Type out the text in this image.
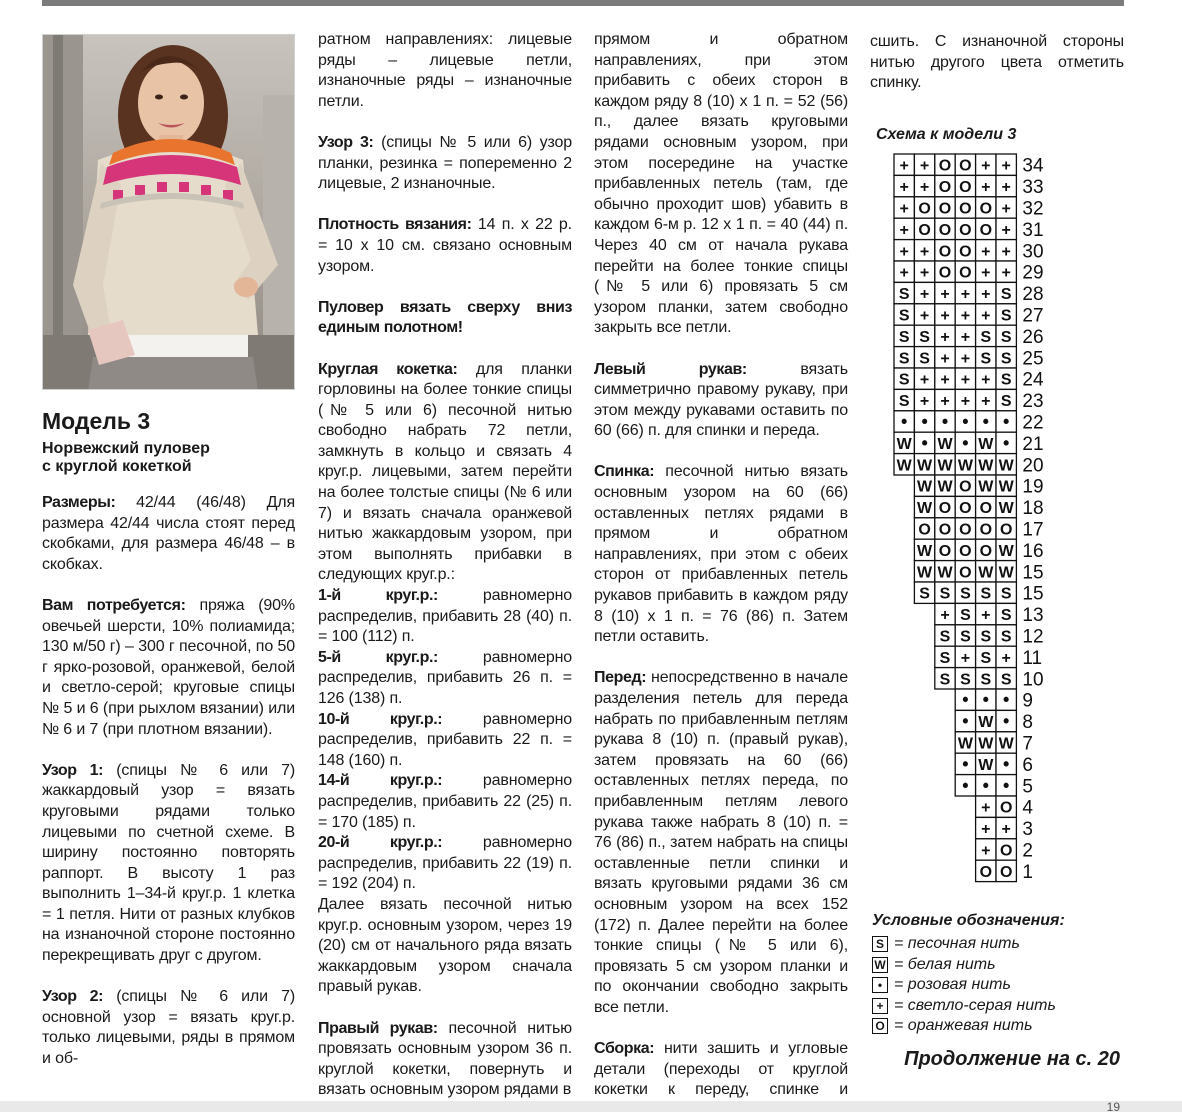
Модель 3
Норвежский пуловер
с круглой кокеткой

Размеры: 42/44 (46/48) Для размера 42/44 числа стоят перед скобками, для размера 46/48 – в скобках.

Вам потребуется: пряжа (90% овечьей шерсти, 10% полиамида; 130 м/50 г) – 300 г песочной, по 50 г ярко-розовой, оранжевой, белой и светло-серой; круговые спицы № 5 и 6 (при рыхлом вязании) или № 6 и 7 (при плотном вязании).

Узор 1: (спицы № 6 или 7) жаккардовый узор = вязать круговыми рядами только лицевыми по счетной схеме. В ширину постоянно повторять раппорт. В высоту 1 раз выполнить 1–34-й круг.р. 1 клетка = 1 петля. Нити от разных клубков на изнаночной стороне постоянно перекрещивать друг с другом.

Узор 2: (спицы № 6 или 7) основной узор = вязать круг.р. только лицевыми, ряды в прямом и об-

ратном направлениях: лицевые ряды – лицевые петли, изнаночные ряды – изнаночные петли.

Узор 3: (спицы № 5 или 6) узор планки, резинка = попеременно 2 лицевые, 2 изнаночные.

Плотность вязания: 14 п. х 22 р. = 10 х 10 см. связано основным узором.

Пуловер вязать сверху вниз единым полотном!

Круглая кокетка: для планки горловины на более тонкие спицы (№ 5 или 6) песочной нитью свободно набрать 72 петли, замкнуть в кольцо и связать 4 круг.р. лицевыми, затем перейти на более толстые спицы (№ 6 или 7) и вязать сначала оранжевой нитью жаккардовым узором, при этом выполнять прибавки в следующих круг.р.:

1-й круг.р.: равномерно распределив, прибавить 28 (40) п. = 100 (112) п.

5-й круг.р.: равномерно распределив, прибавить 26 п. = 126 (138) п.

10-й круг.р.: равномерно распределив, прибавить 22 п. = 148 (160) п.

14-й круг.р.: равномерно распределив, прибавить 22 (25) п. = 170 (185) п.

20-й круг.р.: равномерно распределив, прибавить 22 (19) п. = 192 (204) п.

Далее вязать песочной нитью круг.р. основным узором, через 19 (20) см от начального ряда вязать жаккардовым узором сначала правый рукав.

Правый рукав: песочной нитью провязать основным узором 36 п. круглой кокетки, повернуть и вязать основным узором рядами в

прямом и обратном направлениях, при этом прибавить с обеих сторон в каждом ряду 8 (10) х 1 п. = 52 (56) п., далее вязать круговыми рядами основным узором, при этом посередине на участке прибавленных петель (там, где обычно проходит шов) убавить в каждом 6-м р. 12 х 1 п. = 40 (44) п. Через 40 см от начала рукава перейти на более тонкие спицы (№ 5 или 6) провязать 5 см узором планки, затем свободно закрыть все петли.

Левый рукав: вязать симметрично правому рукаву, при этом между рукавами оставить по 60 (66) п. для спинки и переда.

Спинка: песочной нитью вязать основным узором на 60 (66) оставленных петлях рядами в прямом и обратном направлениях, при этом с обеих сторон от прибавленных петель рукавов прибавить в каждом ряду 8 (10) х 1 п. = 76 (86) п. Затем петли оставить.

Перед: непосредственно в начале разделения петель для переда набрать по прибавленным петлям рукава 8 (10) п. (правый рукав), затем провязать на 60 (66) оставленных петлях переда, по прибавленным петлям левого рукава также набрать 8 (10) п. = 76 (86) п., затем набрать на спицы оставленные петли спинки и вязать круговыми рядами 36 см основным узором на всех 152 (172) п. Далее перейти на более тонкие спицы (№ 5 или 6), провязать 5 см узором планки и по окончании свободно закрыть все петли.

Сборка: нити зашить и угловые детали (переходы от круглой кокетки к переду, спинке и

сшить. С изнаночной стороны нитью другого цвета отметить спинку.

Схема к модели 3
+ + O O + + 34
+ + O O + + 33
+ O O O O + 32
+ O O O O + 31
+ + O O + + 30
+ + O O + + 29
S + + + + S 28
S + + + + S 27
S S + + S S 26
S S + + S S 25
S + + + + S 24
S + + + + S 23
• • • • • • 22
W • W • W • 21
W W W W W W 20
W W O W W 19
W O O O W 18
O O O O O 17
W O O O W 16
W W O W W 15
S S S S S 15
+ S + S 13
S S S S 12
S + S + 11
S S S S 10
• • • 9
• W • 8
W W W 7
• W • 6
• • • 5
+ O 4
+ + 3
+ O 2
O O 1
Условные обозначения:
S = песочная нить
W = белая нить
• = розовая нить
+ = светло-серая нить
O = оранжевая нить
Продолжение на с. 20
19
